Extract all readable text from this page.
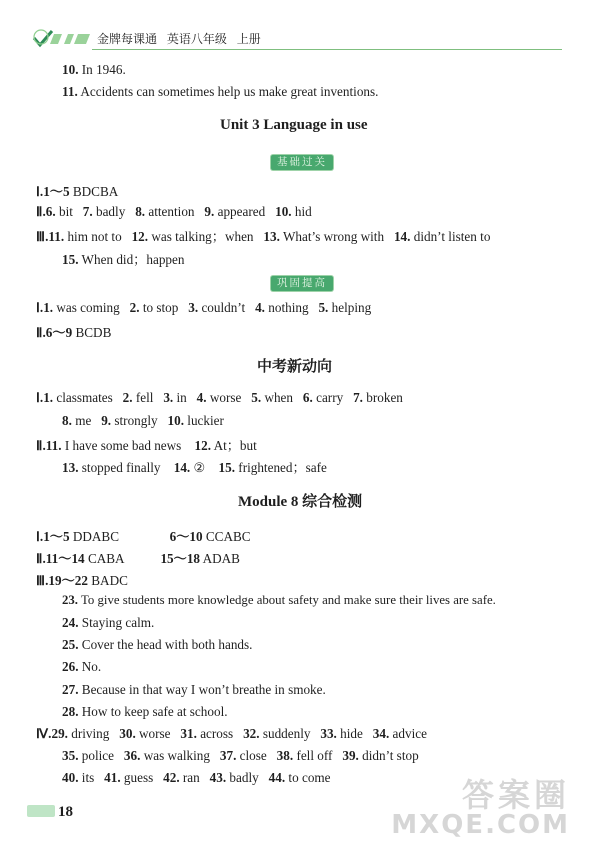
金牌每课通 英语八年级 上册
10. In 1946.
11. Accidents can sometimes help us make great inventions.
Unit 3 Language in use
基础过关
Ⅰ.1～5 BDCBA
Ⅱ.6. bit 7. badly 8. attention 9. appeared 10. hid
Ⅲ.11. him not to 12. was talking；when 13. What’s wrong with 14. didn’t listen to
15. When did；happen
巩固提高
Ⅰ.1. was coming 2. to stop 3. couldn’t 4. nothing 5. helping
Ⅱ.6～9 BCDB
中考新动向
Ⅰ.1. classmates 2. fell 3. in 4. worse 5. when 6. carry 7. broken
8. me 9. strongly 10. luckier
Ⅱ.11. I have some bad news 12. At；but
13. stopped finally 14. ② 15. frightened；safe
Module 8 综合检测
Ⅰ.1～5 DDABC	6～10 CCABC
Ⅱ.11～14 CABA	15～18 ADAB
Ⅲ.19～22 BADC
23. To give students more knowledge about safety and make sure their lives are safe.
24. Staying calm.
25. Cover the head with both hands.
26. No.
27. Because in that way I won’t breathe in smoke.
28. How to keep safe at school.
Ⅳ.29. driving 30. worse 31. across 32. suddenly 33. hide 34. advice
35. police 36. was walking 37. close 38. fell off 39. didn’t stop
40. its 41. guess 42. ran 43. badly 44. to come
18	答案圈
MXQE.COM
